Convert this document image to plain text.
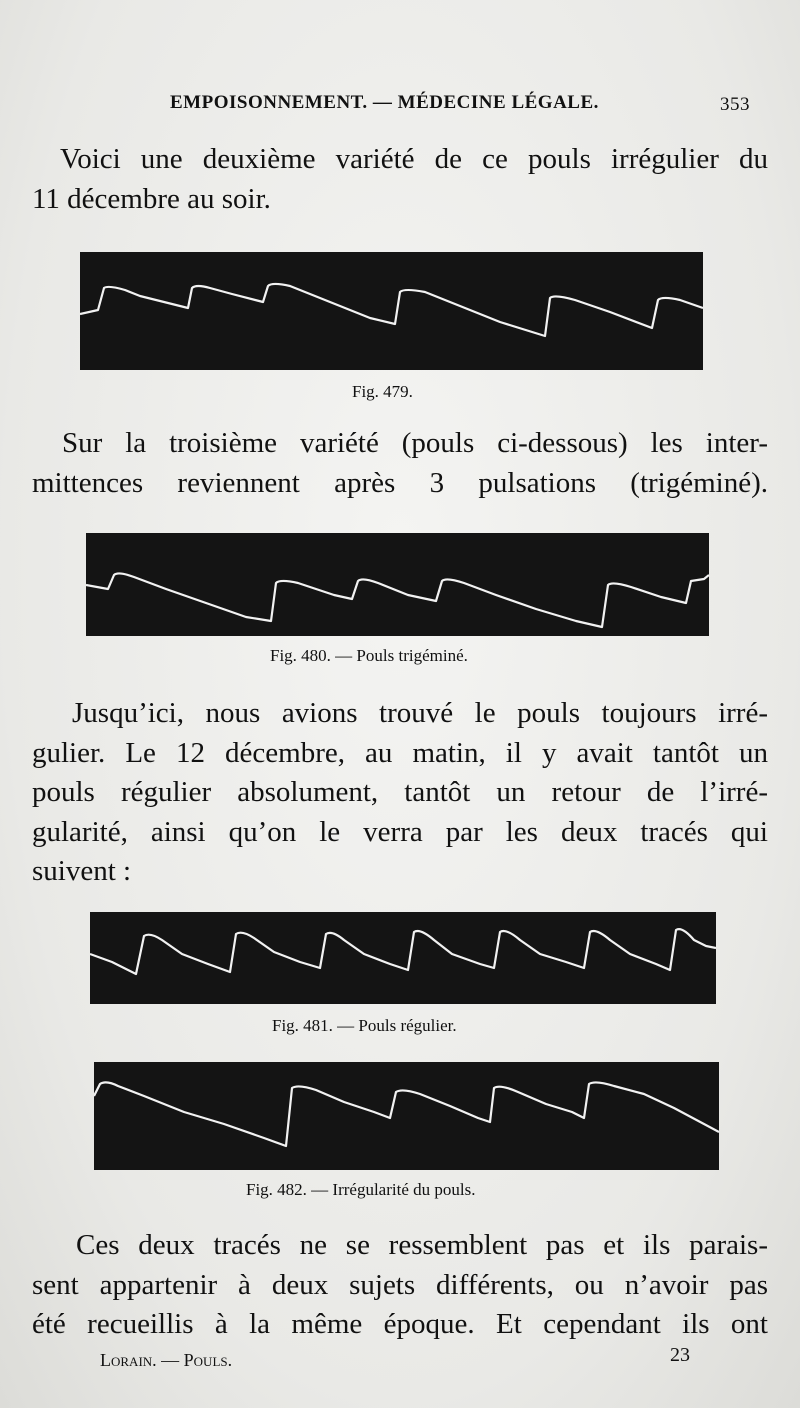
EMPOISONNEMENT. — MÉDECINE LÉGALE.	353
Voici une deuxième variété de ce pouls irrégulier du
11 décembre au soir.
Fig. 479.
Sur la troisième variété (pouls ci-dessous) les inter-
mittences reviennent après 3 pulsations (trigéminé).
Fig. 480. — Pouls trigéminé.
Jusqu’ici, nous avions trouvé le pouls toujours irré-
gulier. Le 12 décembre, au matin, il y avait tantôt un
pouls régulier absolument, tantôt un retour de l’irré-
gularité, ainsi qu’on le verra par les deux tracés qui
suivent :
Fig. 481. — Pouls régulier.
Fig. 482. — Irrégularité du pouls.
Ces deux tracés ne se ressemblent pas et ils parais-
sent appartenir à deux sujets différents, ou n’avoir pas
été recueillis à la même époque. Et cependant ils ont
Lorain. — Pouls.	23
